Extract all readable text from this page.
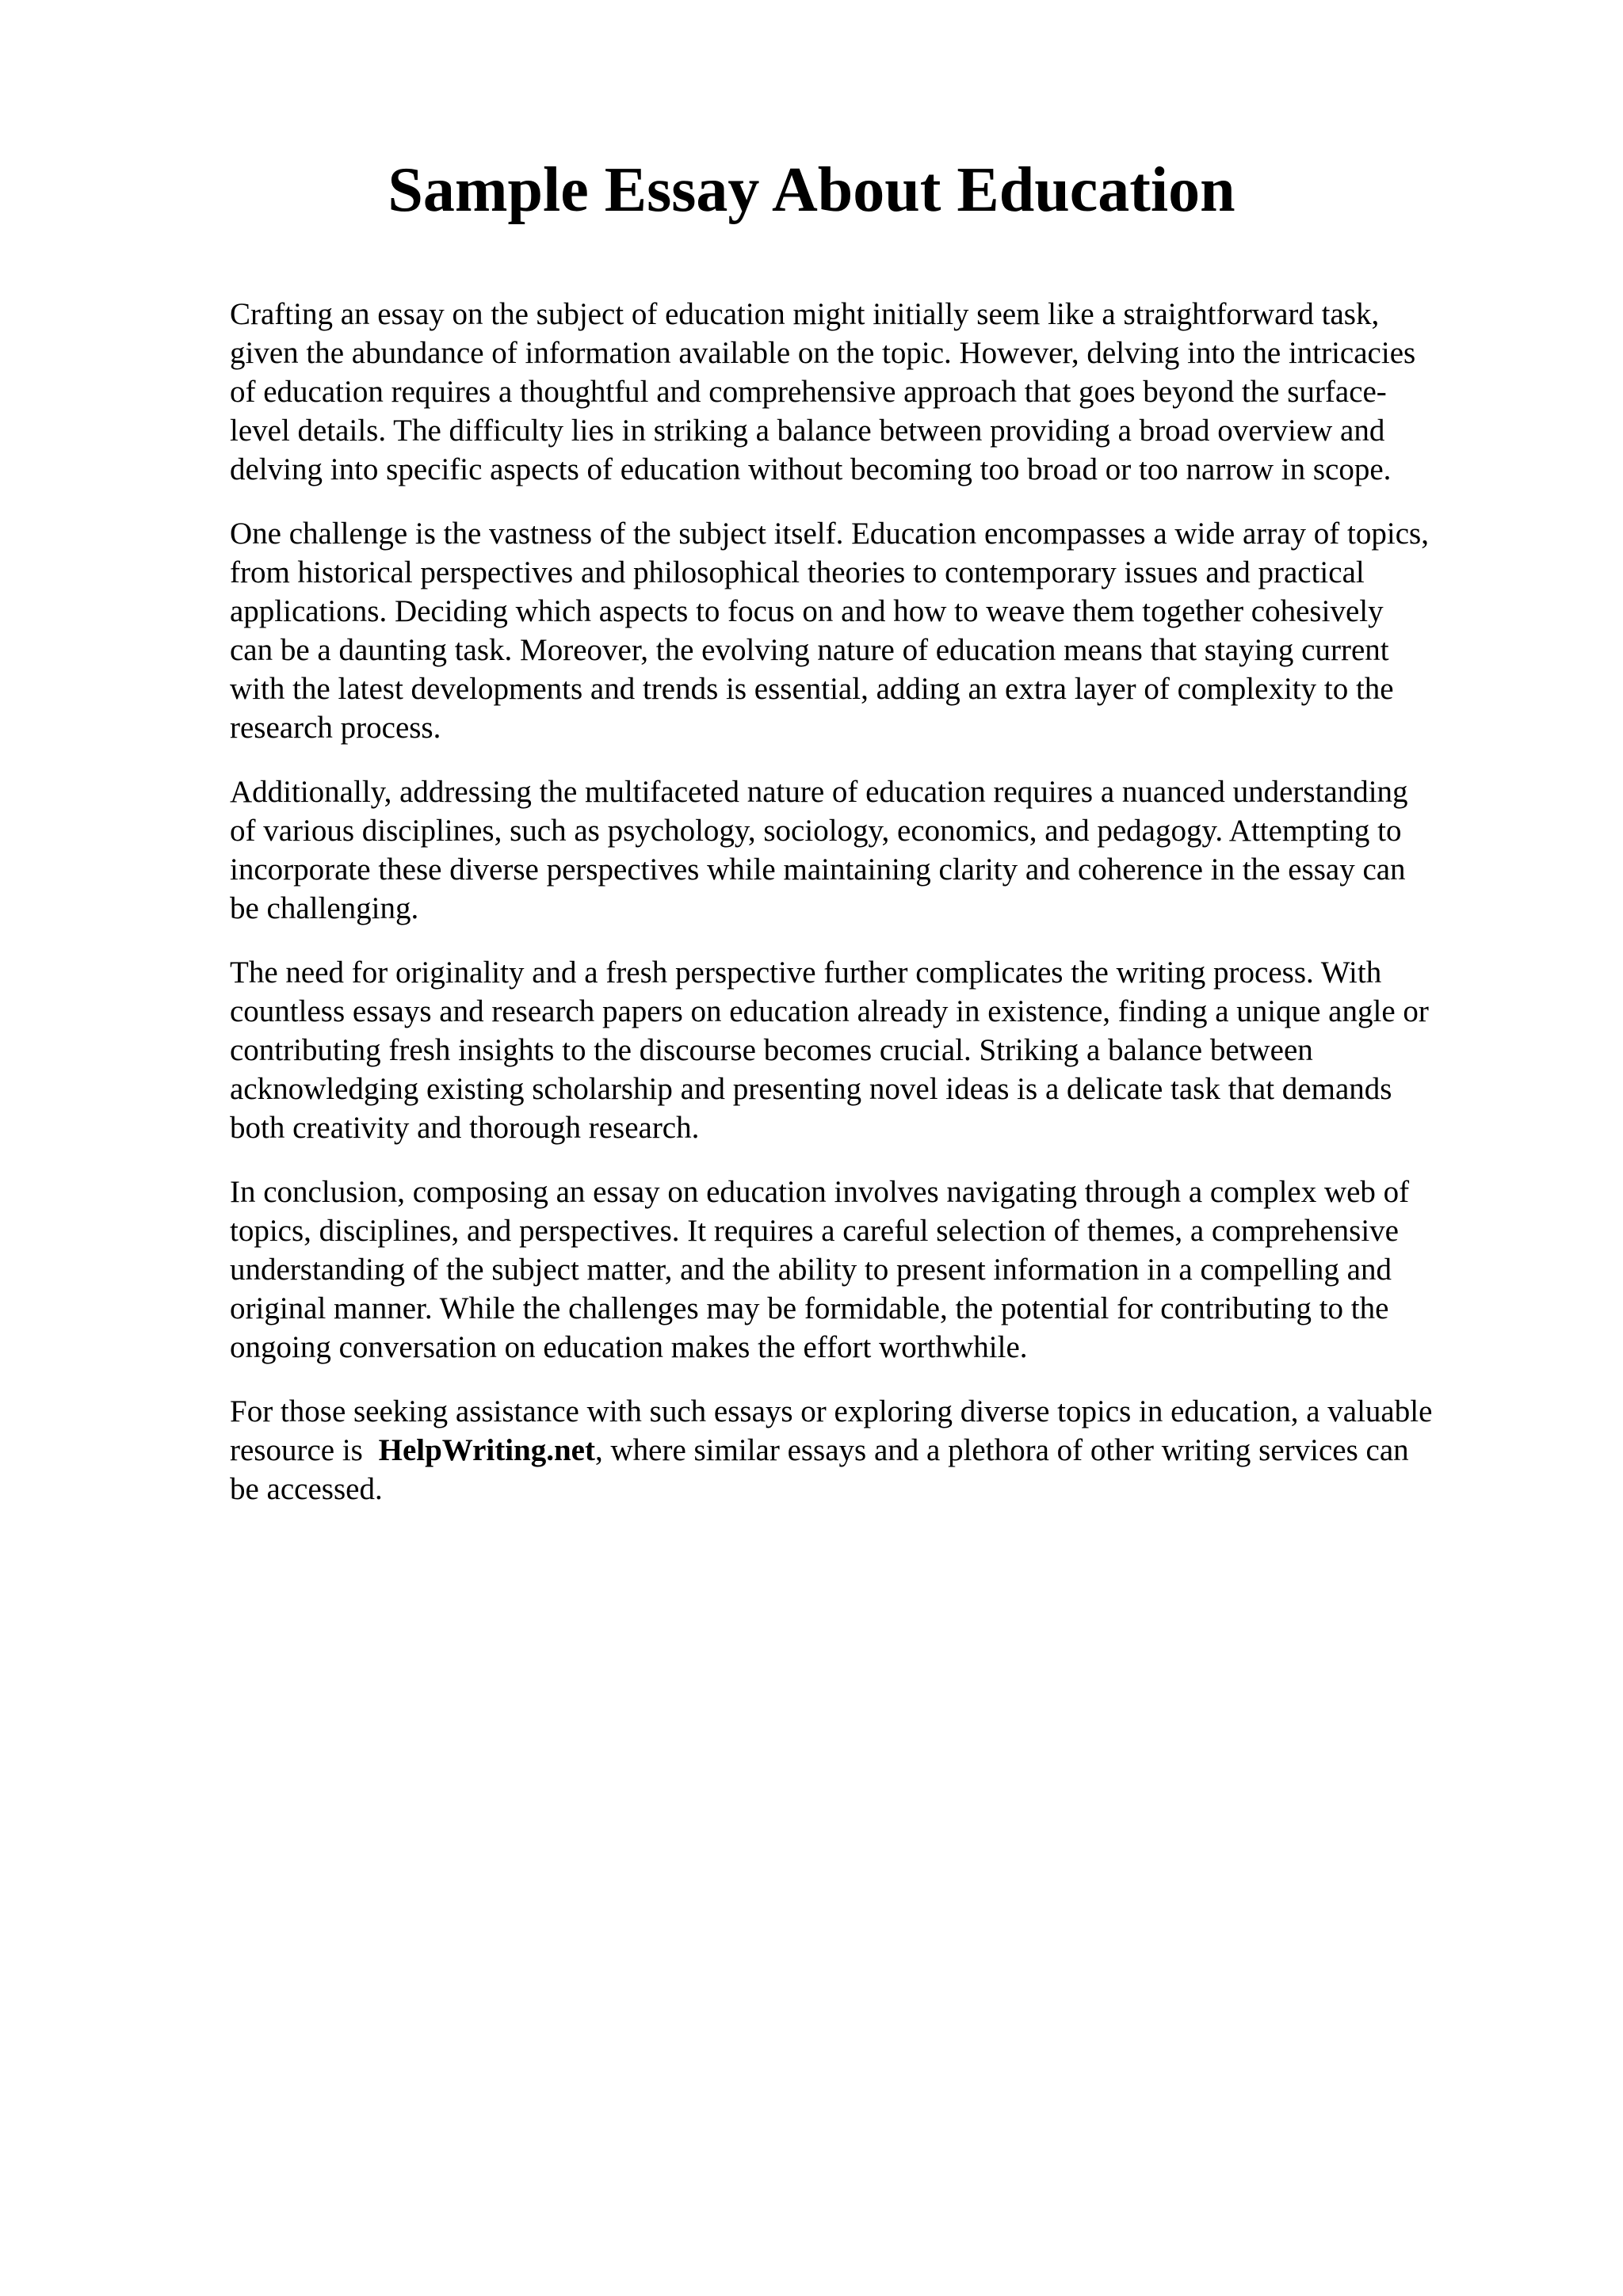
Sample Essay About Education

Crafting an essay on the subject of education might initially seem like a straightforward task,
given the abundance of information available on the topic. However, delving into the intricacies
of education requires a thoughtful and comprehensive approach that goes beyond the surface-
level details. The difficulty lies in striking a balance between providing a broad overview and
delving into specific aspects of education without becoming too broad or too narrow in scope.

One challenge is the vastness of the subject itself. Education encompasses a wide array of topics,
from historical perspectives and philosophical theories to contemporary issues and practical
applications. Deciding which aspects to focus on and how to weave them together cohesively
can be a daunting task. Moreover, the evolving nature of education means that staying current
with the latest developments and trends is essential, adding an extra layer of complexity to the
research process.

Additionally, addressing the multifaceted nature of education requires a nuanced understanding
of various disciplines, such as psychology, sociology, economics, and pedagogy. Attempting to
incorporate these diverse perspectives while maintaining clarity and coherence in the essay can
be challenging.

The need for originality and a fresh perspective further complicates the writing process. With
countless essays and research papers on education already in existence, finding a unique angle or
contributing fresh insights to the discourse becomes crucial. Striking a balance between
acknowledging existing scholarship and presenting novel ideas is a delicate task that demands
both creativity and thorough research.

In conclusion, composing an essay on education involves navigating through a complex web of
topics, disciplines, and perspectives. It requires a careful selection of themes, a comprehensive
understanding of the subject matter, and the ability to present information in a compelling and
original manner. While the challenges may be formidable, the potential for contributing to the
ongoing conversation on education makes the effort worthwhile.

For those seeking assistance with such essays or exploring diverse topics in education, a valuable
resource is HelpWriting.net, where similar essays and a plethora of other writing services can
be accessed.
